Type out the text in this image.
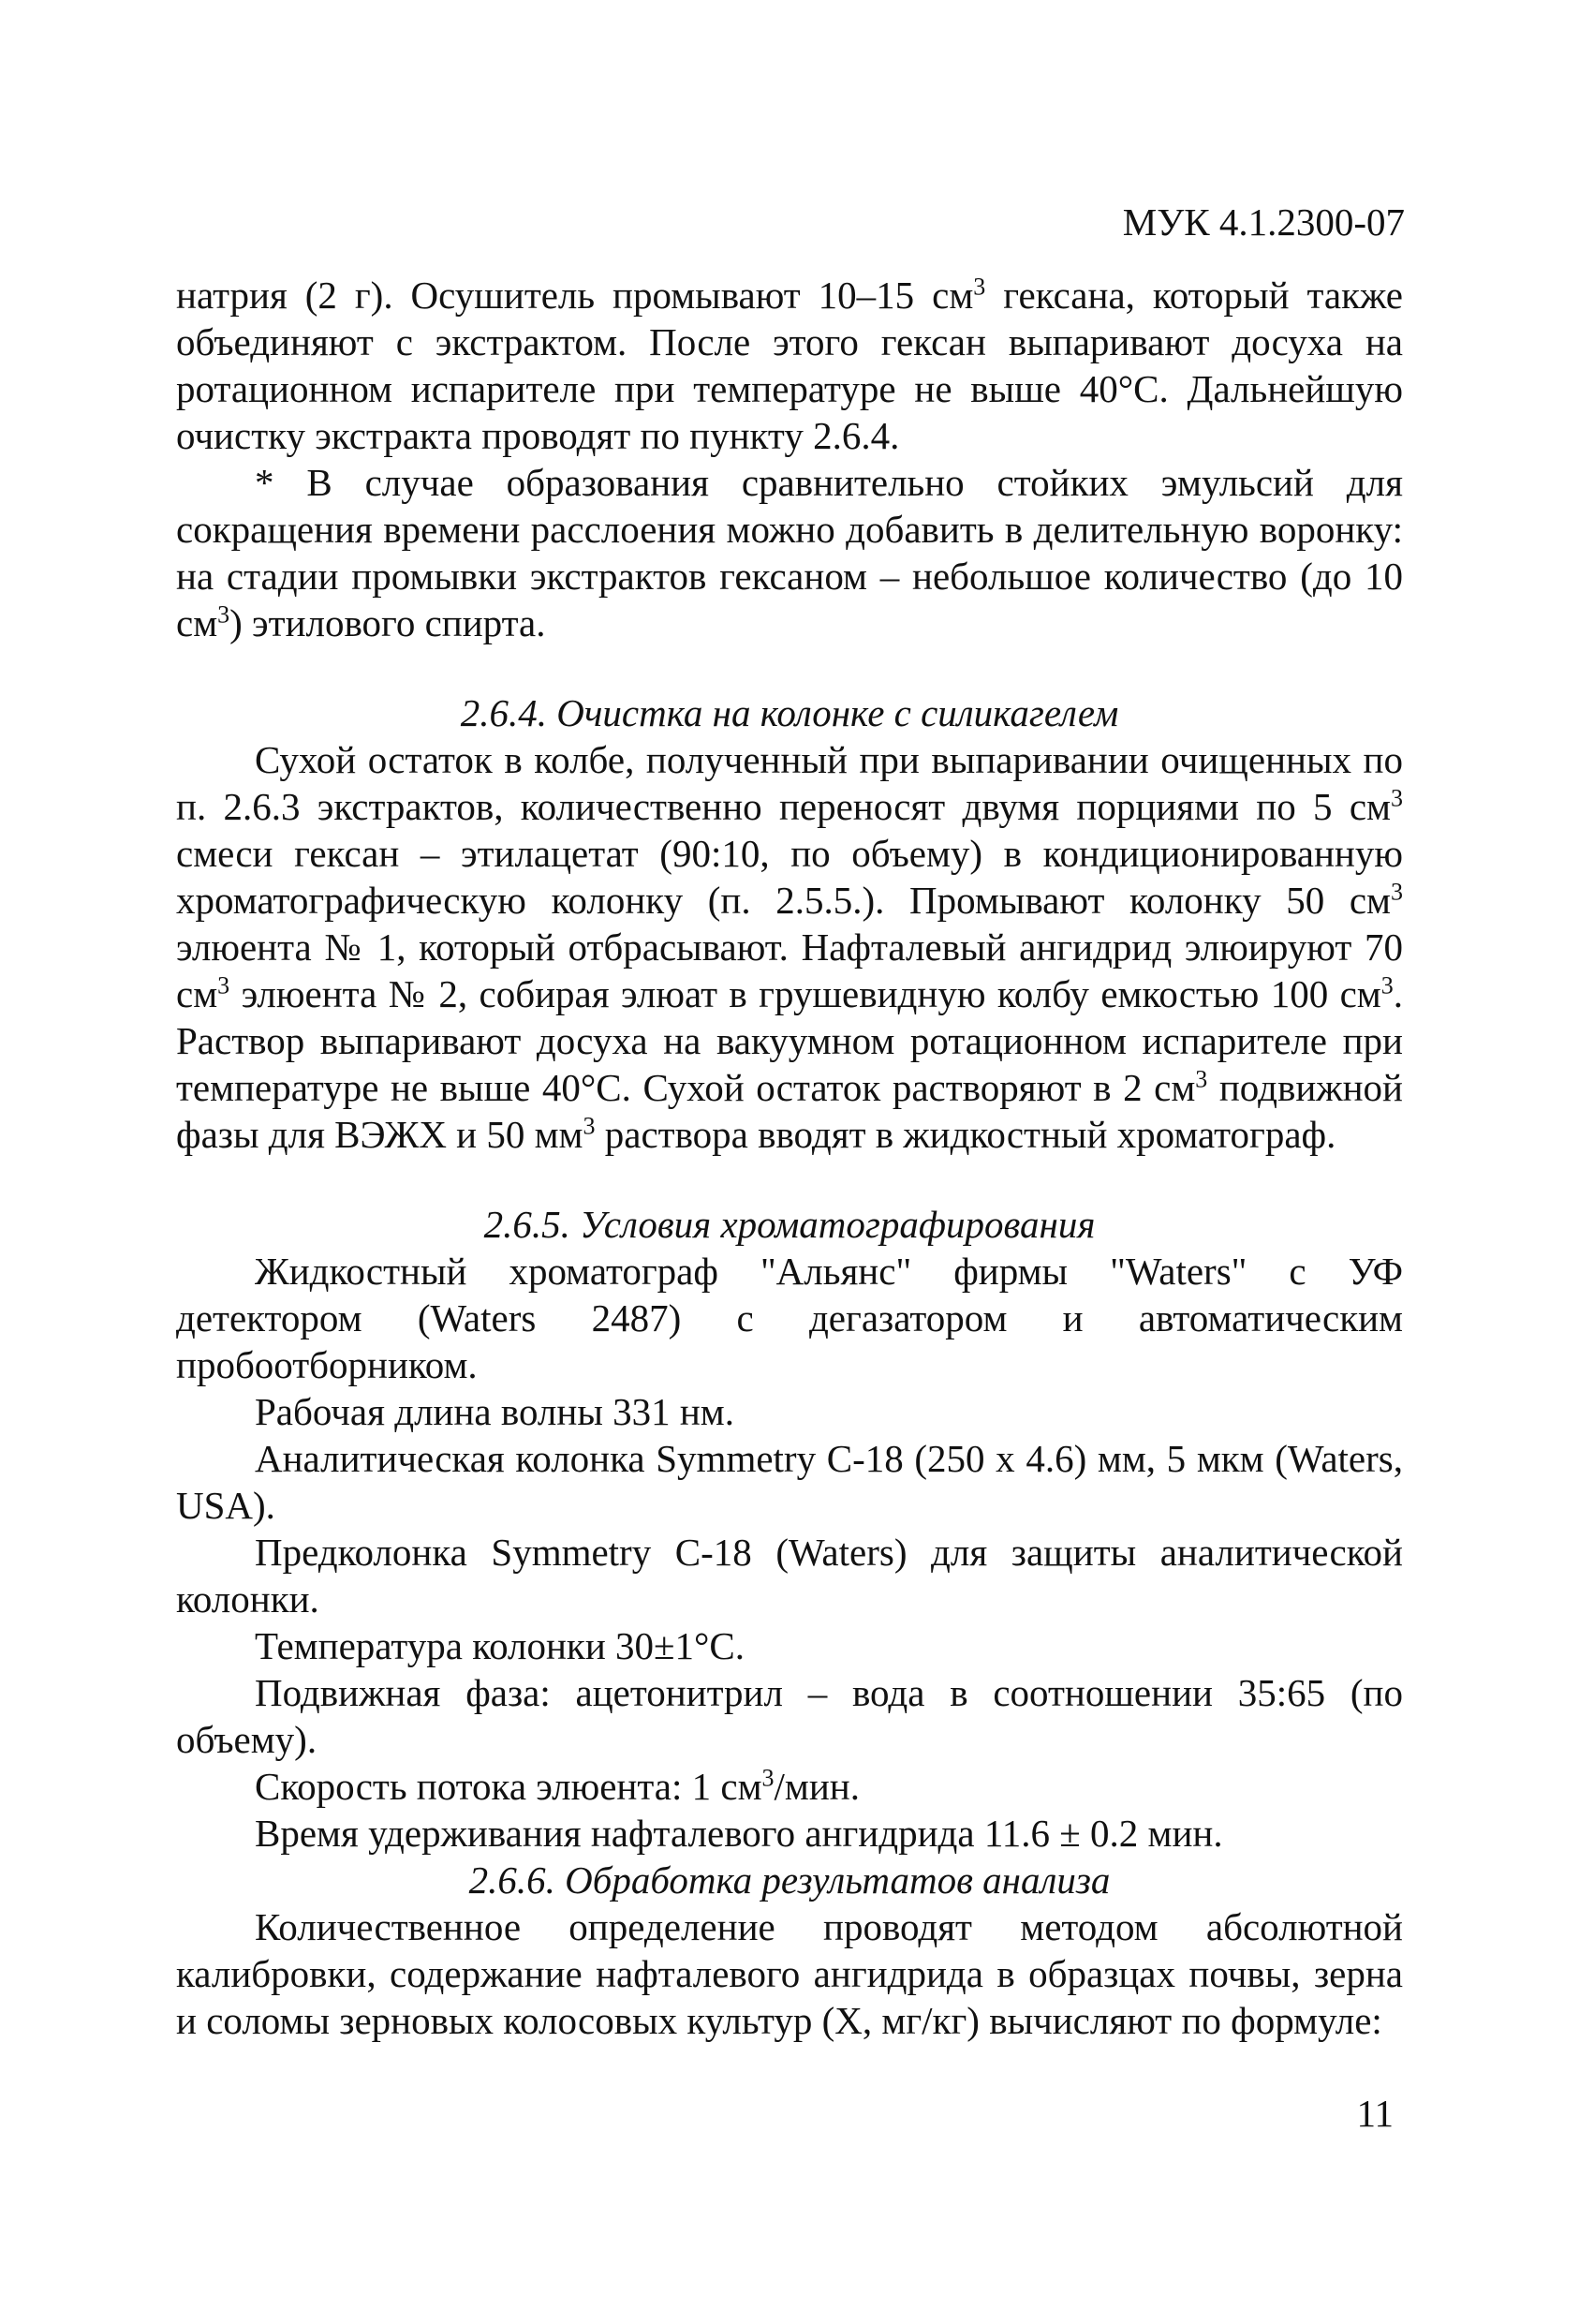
МУК 4.1.2300-07

натрия (2 г). Осушитель промывают 10–15 $см^3$ гексана, который также объединяют с экстрактом. После этого гексан выпаривают досуха на ротационном испарителе при температуре не выше 40°С. Дальнейшую очистку экстракта проводят по пункту 2.6.4.

* В случае образования сравнительно стойких эмульсий для сокращения времени расслоения можно добавить в делительную воронку: на стадии промывки экстрактов гексаном – небольшое количество (до 10 $см^3$) этилового спирта.

2.6.4. Очистка на колонке с силикагелем

Сухой остаток в колбе, полученный при выпаривании очищенных по п. 2.6.3 экстрактов, количественно переносят двумя порциями по 5 $см^3$ смеси гексан – этилацетат (90:10, по объему) в кондиционированную хроматографическую колонку (п. 2.5.5.). Промывают колонку 50 $см^3$ элюента № 1, который отбрасывают. Нафталевый ангидрид элюируют 70 $см^3$ элюента № 2, собирая элюат в грушевидную колбу емкостью 100 $см^3$. Раствор выпаривают досуха на вакуумном ротационном испарителе при температуре не выше 40°С. Сухой остаток растворяют в 2 $см^3$ подвижной фазы для ВЭЖХ и 50 $мм^3$ раствора вводят в жидкостный хроматограф.

2.6.5. Условия хроматографирования

Жидкостный хроматограф "Альянс" фирмы "Waters" с УФ детектором (Waters 2487) с дегазатором и автоматическим пробоотборником.

Рабочая длина волны 331 нм.

Аналитическая колонка Symmetry С-18 (250 х 4.6) мм, 5 мкм (Waters, USA).

Предколонка Symmetry С-18 (Waters) для защиты аналитической колонки.

Температура колонки 30±1°С.

Подвижная фаза: ацетонитрил – вода в соотношении 35:65 (по объему).

Скорость потока элюента: 1 $см^3$/мин.

Время удерживания нафталевого ангидрида 11.6 ± 0.2 мин.

2.6.6. Обработка результатов анализа

Количественное определение проводят методом абсолютной калибровки, содержание нафталевого ангидрида в образцах почвы, зерна и соломы зерновых колосовых культур (Х, мг/кг) вычисляют по формуле:

11
